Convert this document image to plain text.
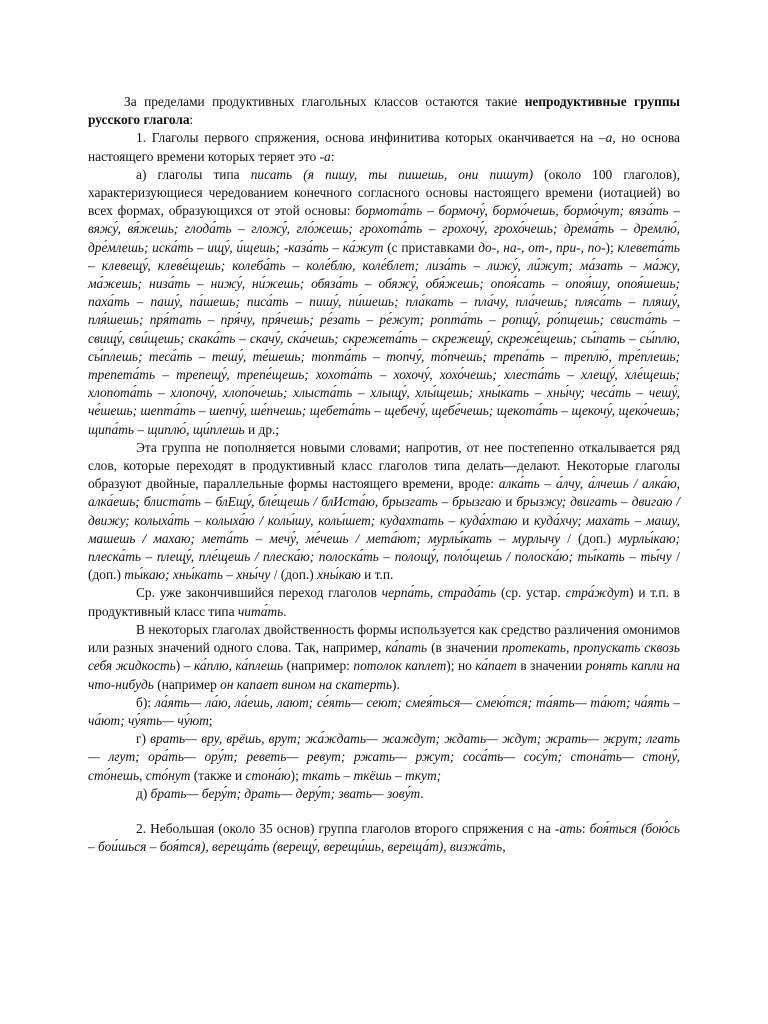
За пределами продуктивных глагольных классов остаются такие непродуктивные группы русского глагола:

1. Глаголы первого спряжения, основа инфинитива которых оканчивается на –а, но основа настоящего времени которых теряет это -а:

а) глаголы типа писать (я пишу, ты пишешь, они пишут) (около 100 глаголов), характеризующиеся чередованием конечного согласного основы настоящего времени (иотацией) во всех формах, образующихся от этой основы: бормота́ть – бормочу́, бормо́чешь, бормо́чут; вяза́ть – вяжу́, вя́жешь; глода́ть – гложу́, гло́жешь; грохота́ть – грохочу́, грохо́чешь; дрема́ть – дремлю́, дре́млешь; иска́ть – ищу́, и́щешь; -каза́ть – ка́жут (с приставками до-, на-, от-, при-, по-); клевета́ть – клевещу́, клеве́щешь; колеба́ть – коле́блю, коле́блет; лиза́ть – лижу́, ли́жут; ма́зать – ма́жу, ма́жешь; низа́ть – нижу́, ни́жешь; обяза́ть – обяжу́, обя́жешь; опоя́сать – опоя́шу, опоя́шешь; паха́ть – пашу́, па́шешь; писа́ть – пишу́, пи́шешь; пла́кать – пла́чу, пла́чешь; пляса́ть – пляшу́, пля́шешь; пря́тать – пря́чу, пря́чешь; ре́зать – ре́жут; ропта́ть – ропщу́, ро́пщешь; свиста́ть – свищу́, сви́щешь; скака́ть – скачу́, ска́чешь; скрежета́ть – скрежещу́, скреже́щешь; сы́пать – сы́плю, сы́плешь; теса́ть – тешу́, те́шешь; топта́ть – топчу́, то́пчешь; трепа́ть – треплю́, тре́плешь; трепета́ть – трепещу́, трепе́щешь; хохота́ть – хохочу́, хохо́чешь; хлеста́ть – хлещу́, хле́щешь; хлопота́ть – хлопочу́, хлопо́чешь; хлыста́ть – хлыщу́, хлы́щешь; хны́кать – хны́чу; чеса́ть – чешу́, че́шешь; шепта́ть – шепчу́, ше́пчешь; щебета́ть – щебечу́, щебе́чешь; щекота́ть – щекочу́, щеко́чешь; щипа́ть – щиплю́, щи́плешь и др.;

Эта группа не пополняется новыми словами; напротив, от нее постепенно откалывается ряд слов, которые переходят в продуктивный класс глаголов типа делать—делают. Некоторые глаголы образуют двойные, параллельные формы настоящего времени, вроде: алка́ть – а́лчу, а́лчешь / алка́ю, алка́ешь; блиста́ть – блЕщу́, бле́щешь / блИста́ю, брызгать – брызгаю и брызжу; двигать – двигаю / движу; колыха́ть – колыха́ю / колы́шу, колы́шет; кудахтать – куда́хтаю и куда́хчу; махать – машу, машешь / махаю; мета́ть – мечу́, ме́чешь / мета́ют; мурлы́кать – мурлычу / (доп.) мурлы́каю; плеска́ть – плещу́, пле́щешь / плеска́ю; полоска́ть – полощу́, поло́щешь / полоска́ю; ты́кать – ты́чу / (доп.) ты́каю; хны́кать – хны́чу / (доп.) хны́каю и т.п.

Ср. уже закончившийся переход глаголов черпа́ть, страда́ть (ср. устар. стра́ждут) и т.п. в продуктивный класс типа чита́ть.

В некоторых глаголах двойственность формы используется как средство различения омонимов или разных значений одного слова. Так, например, ка́пать (в значении протекать, пропускать сквозь себя жидкость) – ка́плю, ка́плешь (например: потолок каплет); но ка́пает в значении ронять капли на что-нибудь (например он капает вином на скатерть).

б): ла́ять— ла́ю, ла́ешь, лают; се́ять— сеют; смея́ться— смею́тся; та́ять— та́ют; ча́ять – ча́ют; чу́ять— чу́ют;

г) врать— вру, врёшь, врут; жа́ждать— жаждут; ждать— ждут; жрать— жрут; лгать— лгут; ора́ть— ору́т; реветь— ревут; ржать— ржут; соса́ть— сосу́т; стона́ть— стону́, сто́нешь, сто́нут (также и стона́ю); ткать – ткёшь – ткут;

д) брать— беру́т; драть— деру́т; звать— зову́т.

2. Небольшая (около 35 основ) группа глаголов второго спряжения с на -ать: боя́ться (бою́сь – бои́шься – боя́тся), вереща́ть (верещу́, верещи́шь, вереща́т), визжа́ть,
